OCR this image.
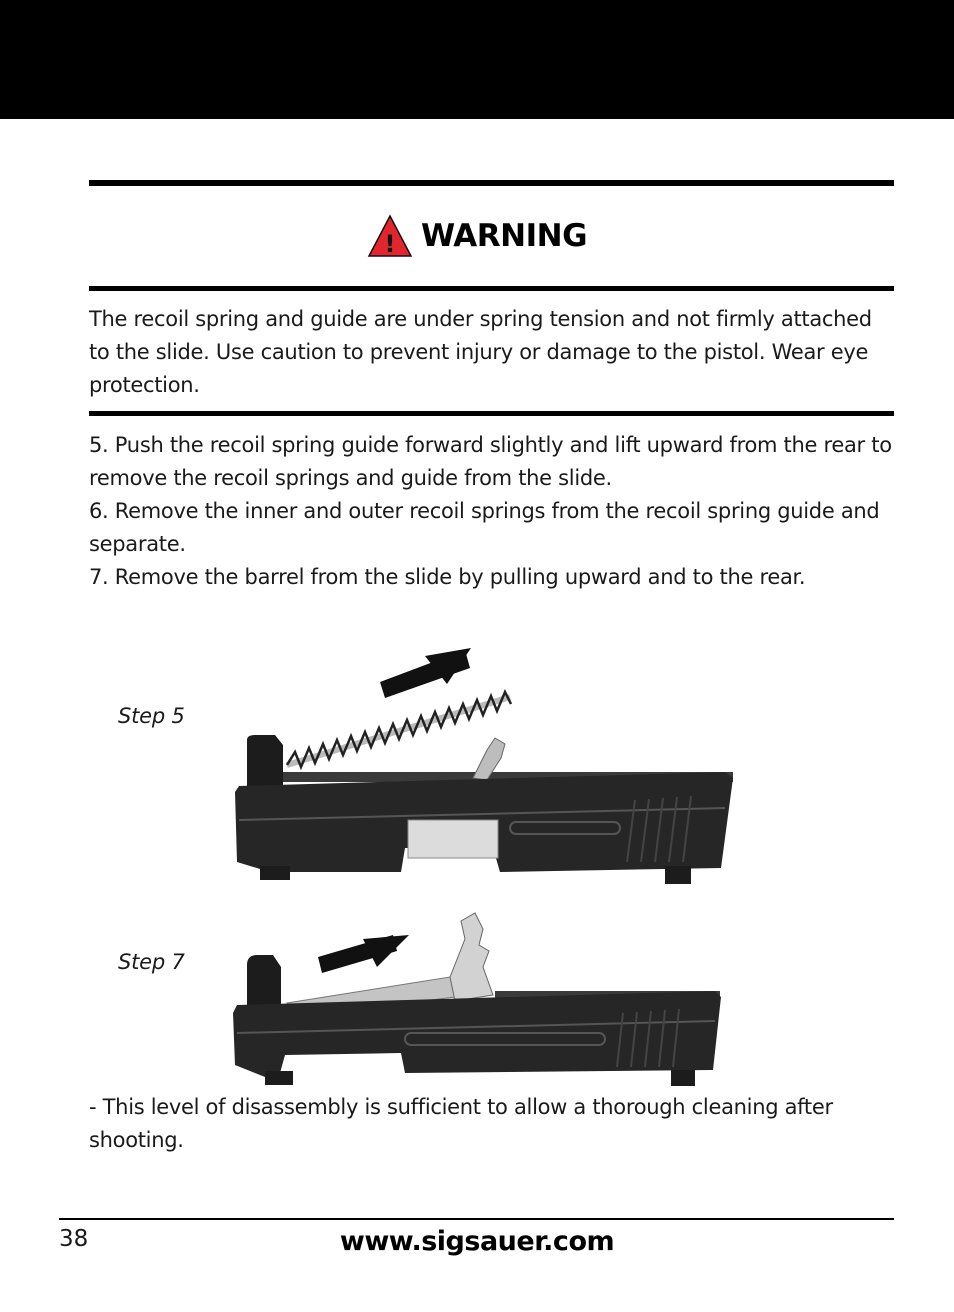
! WARNING

The recoil spring and guide are under spring tension and not firmly attached to the slide. Use caution to prevent injury or damage to the pistol. Wear eye protection.

5. Push the recoil spring guide forward slightly and lift upward from the rear to remove the recoil springs and guide from the slide.

6. Remove the inner and outer recoil springs from the recoil spring guide and separate.

7. Remove the barrel from the slide by pulling upward and to the rear.

Step 5
Step 7

- This level of disassembly is sufficient to allow a thorough cleaning after shooting.

38	www.sigsauer.com
